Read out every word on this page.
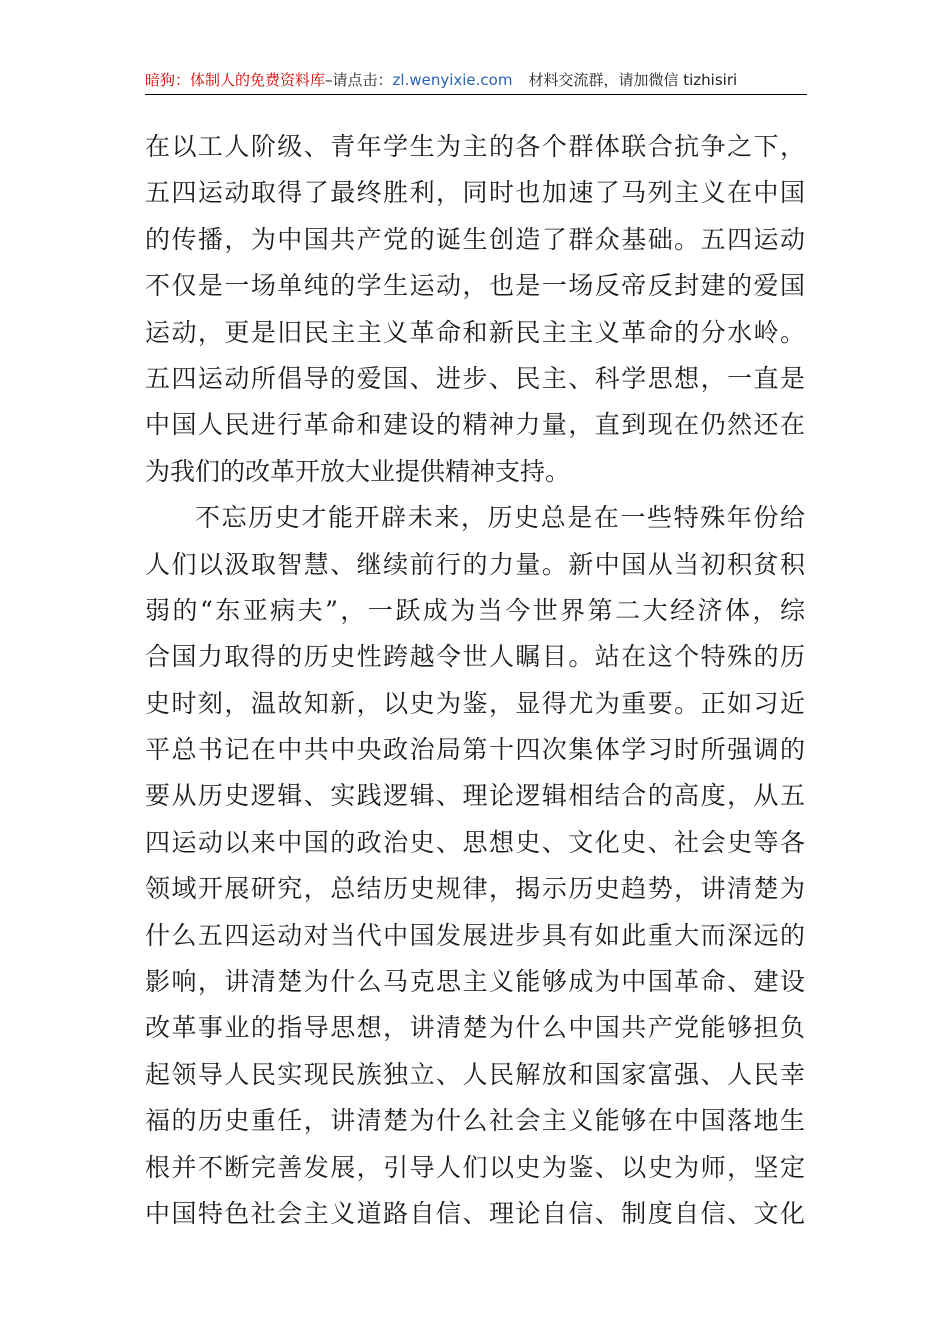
暗狗：体制人的免费资料库–请点击：zl.wenyixie.com 材料交流群，请加微信 tizhisiri
在以工人阶级、青年学生为主的各个群体联合抗争之下，
五四运动取得了最终胜利，同时也加速了马列主义在中国
的传播，为中国共产党的诞生创造了群众基础。五四运动
不仅是一场单纯的学生运动，也是一场反帝反封建的爱国
运动，更是旧民主主义革命和新民主主义革命的分水岭。
五四运动所倡导的爱国、进步、民主、科学思想，一直是
中国人民进行革命和建设的精神力量，直到现在仍然还在
为我们的改革开放大业提供精神支持。
不忘历史才能开辟未来，历史总是在一些特殊年份给
人们以汲取智慧、继续前行的力量。新中国从当初积贫积
弱的“东亚病夫”，一跃成为当今世界第二大经济体，综
合国力取得的历史性跨越令世人瞩目。站在这个特殊的历
史时刻，温故知新，以史为鉴，显得尤为重要。正如习近
平总书记在中共中央政治局第十四次集体学习时所强调的
要从历史逻辑、实践逻辑、理论逻辑相结合的高度，从五
四运动以来中国的政治史、思想史、文化史、社会史等各
领域开展研究，总结历史规律，揭示历史趋势，讲清楚为
什么五四运动对当代中国发展进步具有如此重大而深远的
影响，讲清楚为什么马克思主义能够成为中国革命、建设
改革事业的指导思想，讲清楚为什么中国共产党能够担负
起领导人民实现民族独立、人民解放和国家富强、人民幸
福的历史重任，讲清楚为什么社会主义能够在中国落地生
根并不断完善发展，引导人们以史为鉴、以史为师，坚定
中国特色社会主义道路自信、理论自信、制度自信、文化
